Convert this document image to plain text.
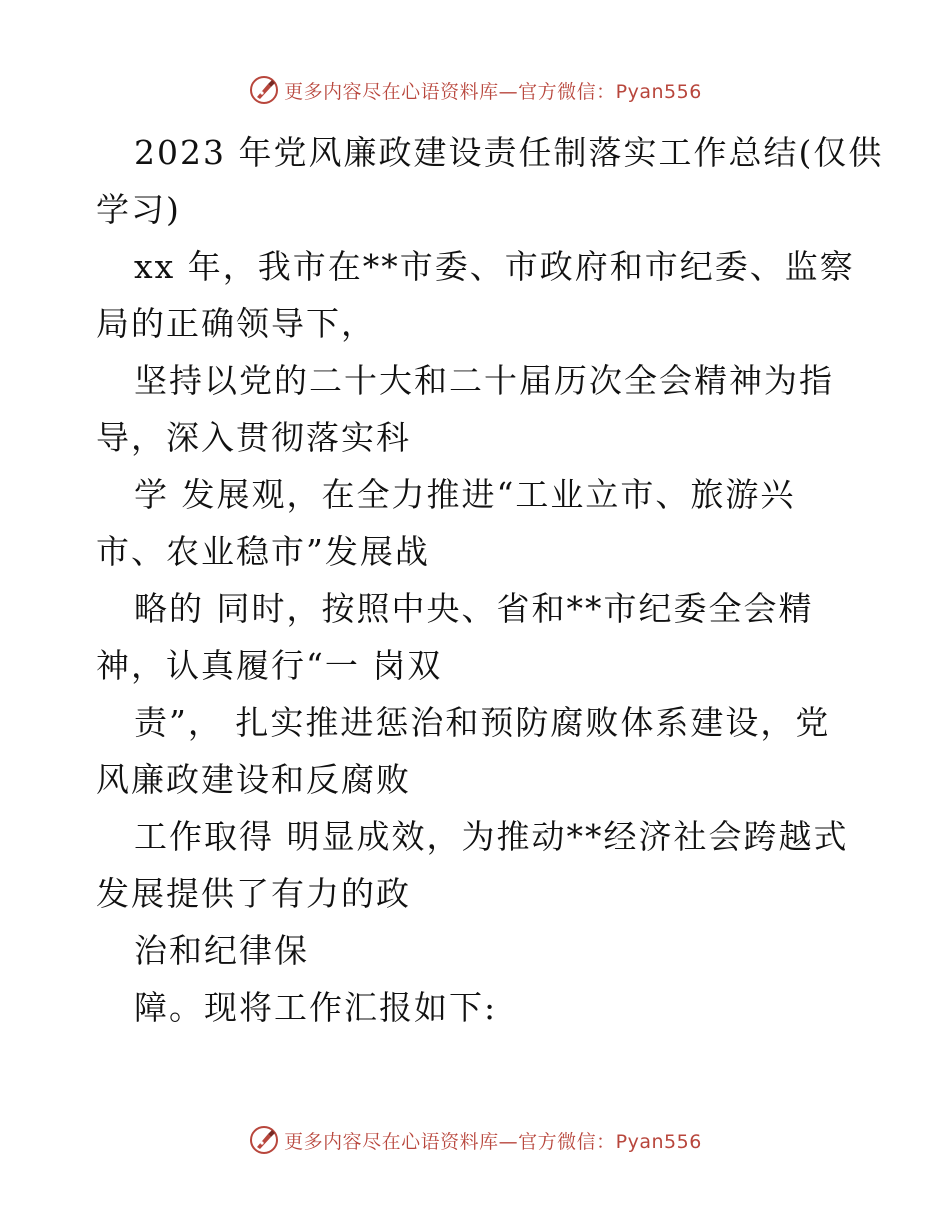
更多内容尽在心语资料库—官方微信：Pyan556

2023 年党风廉政建设责任制落实工作总结(仅供
学习)

xx 年，我市在**市委、市政府和市纪委、监察
局的正确领导下，

坚持以党的二十大和二十届历次全会精神为指
导，深入贯彻落实科

学 发展观，在全力推进“工业立市、旅游兴
市、农业稳市”发展战

略的 同时，按照中央、省和**市纪委全会精
神，认真履行“一 岗双

责”， 扎实推进惩治和预防腐败体系建设，党
风廉政建设和反腐败

工作取得 明显成效，为推动**经济社会跨越式
发展提供了有力的政

治和纪律保

障。现将工作汇报如下:

更多内容尽在心语资料库—官方微信：Pyan556
